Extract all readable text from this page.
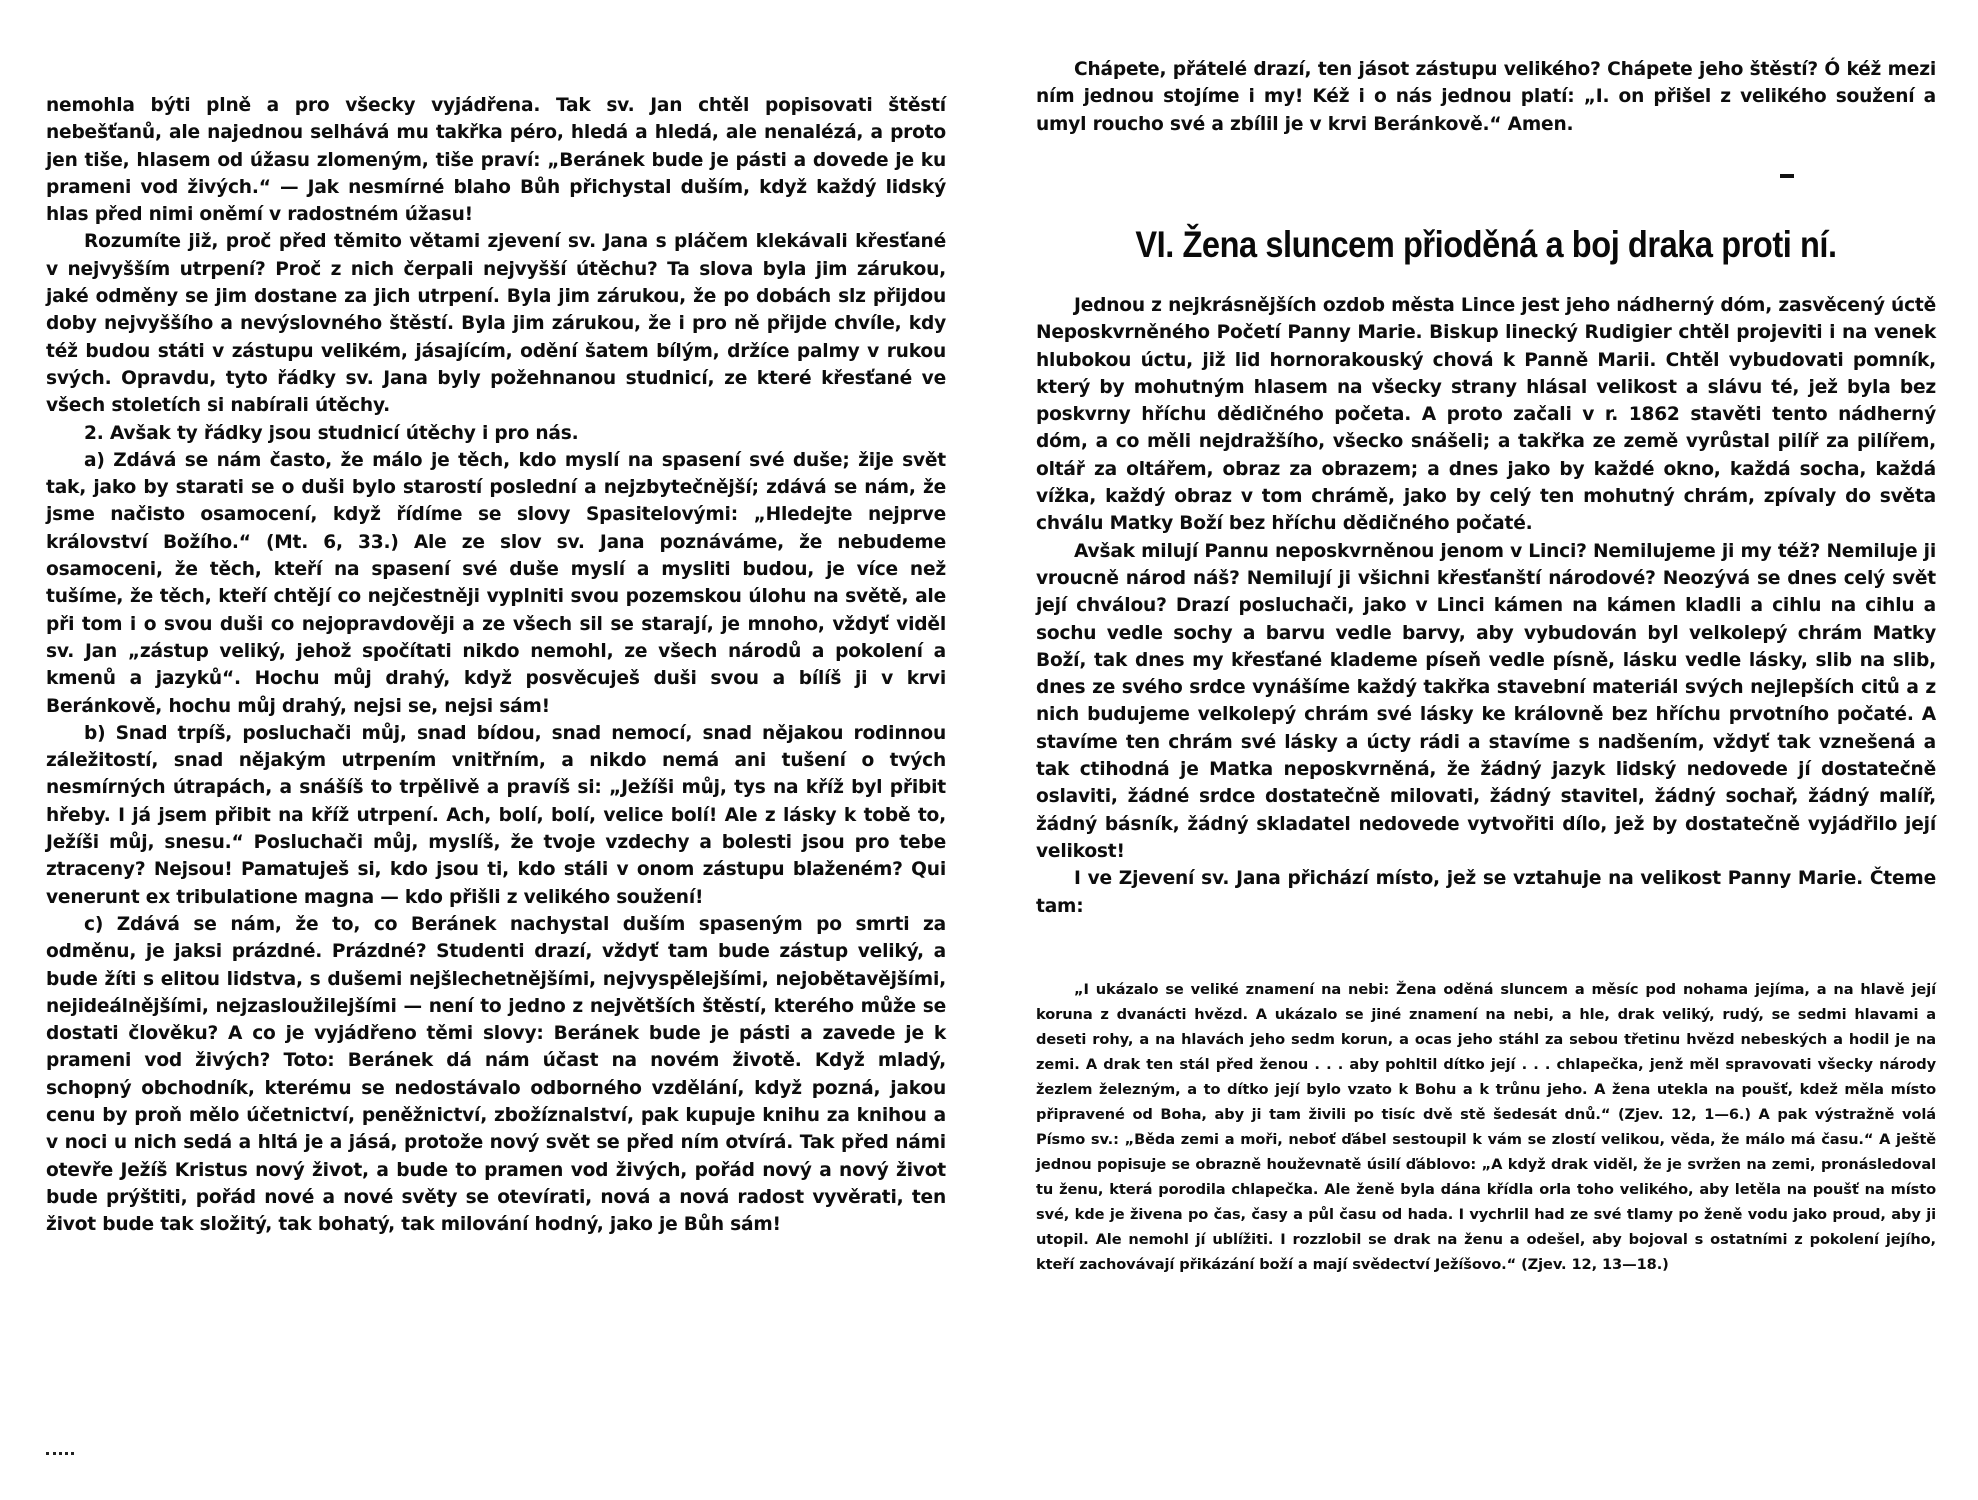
nemohla býti plně a pro všecky vyjádřena. Tak sv. Jan chtěl popisovati štěstí nebešťanů, ale najednou selhává mu takřka péro, hledá a hledá, ale nenalézá, a proto jen tiše, hlasem od úžasu zlomeným, tiše praví: „Beránek bude je pásti a dovede je ku prameni vod živých.“ — Jak nesmírné blaho Bůh přichystal duším, když každý lidský hlas před nimi oněmí v radostném úžasu!

Rozumíte již, proč před těmito větami zjevení sv. Jana s pláčem klekávali křesťané v nejvyšším utrpení? Proč z nich čerpali nejvyšší útěchu? Ta slova byla jim zárukou, jaké odměny se jim dostane za jich utrpení. Byla jim zárukou, že po dobách slz přijdou doby nejvyššího a nevýslovného štěstí. Byla jim zárukou, že i pro ně přijde chvíle, kdy též budou státi v zástupu velikém, jásajícím, odění šatem bílým, držíce palmy v rukou svých. Opravdu, tyto řádky sv. Jana byly požehnanou studnicí, ze které křesťané ve všech stoletích si nabírali útěchy.

2. Avšak ty řádky jsou studnicí útěchy i pro nás.

a) Zdává se nám často, že málo je těch, kdo myslí na spasení své duše; žije svět tak, jako by starati se o duši bylo starostí poslední a nejzbytečnější; zdává se nám, že jsme načisto osamocení, když řídíme se slovy Spasitelovými: „Hledejte nejprve království Božího.“ (Mt. 6, 33.) Ale ze slov sv. Jana poznáváme, že nebudeme osamoceni, že těch, kteří na spasení své duše myslí a mysliti budou, je více než tušíme, že těch, kteří chtějí co nejčestněji vyplniti svou pozemskou úlohu na světě, ale při tom i o svou duši co nejopravdověji a ze všech sil se starají, je mnoho, vždyť viděl sv. Jan „zástup veliký, jehož spočítati nikdo nemohl, ze všech národů a pokolení a kmenů a jazyků“. Hochu můj drahý, když posvěcuješ duši svou a bílíš ji v krvi Beránkově, hochu můj drahý, nejsi se, nejsi sám!

b) Snad trpíš, posluchači můj, snad bídou, snad nemocí, snad nějakou rodinnou záležitostí, snad nějakým utrpením vnitřním, a nikdo nemá ani tušení o tvých nesmírných útrapách, a snášíš to trpělivě a pravíš si: „Ježíši můj, tys na kříž byl přibit hřeby. I já jsem přibit na kříž utrpení. Ach, bolí, bolí, velice bolí! Ale z lásky k tobě to, Ježíši můj, snesu.“ Posluchači můj, myslíš, že tvoje vzdechy a bolesti jsou pro tebe ztraceny? Nejsou! Pamatuješ si, kdo jsou ti, kdo stáli v onom zástupu blaženém? Qui venerunt ex tribulatione magna — kdo přišli z velikého soužení!

c) Zdává se nám, že to, co Beránek nachystal duším spaseným po smrti za odměnu, je jaksi prázdné. Prázdné? Studenti drazí, vždyť tam bude zástup veliký, a bude žíti s elitou lidstva, s dušemi nejšlechetnějšími, nejvyspělejšími, nejobětavějšími, nejideálnějšími, nejzasloužilejšími — není to jedno z největších štěstí, kterého může se dostati člověku? A co je vyjádřeno těmi slovy: Beránek bude je pásti a zavede je k prameni vod živých? Toto: Beránek dá nám účast na novém životě. Když mladý, schopný obchodník, kterému se nedostávalo odborného vzdělání, když pozná, jakou cenu by proň mělo účetnictví, peněžnictví, zbožíznalství, pak kupuje knihu za knihou a v noci u nich sedá a hltá je a jásá, protože nový svět se před ním otvírá. Tak před námi otevře Ježíš Kristus nový život, a bude to pramen vod živých, pořád nový a nový život bude prýštiti, pořád nové a nové světy se otevírati, nová a nová radost vyvěrati, ten život bude tak složitý, tak bohatý, tak milování hodný, jako je Bůh sám!

Chápete, přátelé drazí, ten jásot zástupu velikého? Chápete jeho štěstí? Ó kéž mezi ním jednou stojíme i my! Kéž i o nás jednou platí: „I. on přišel z velikého soužení a umyl roucho své a zbílil je v krvi Beránkově.“ Amen.

VI. Žena sluncem přioděná a boj draka proti ní.

Jednou z nejkrásnějších ozdob města Lince jest jeho nádherný dóm, zasvěcený úctě Neposkvrněného Početí Panny Marie. Biskup linecký Rudigier chtěl projeviti i na venek hlubokou úctu, již lid hornorakouský chová k Panně Marii. Chtěl vybudovati pomník, který by mohutným hlasem na všecky strany hlásal velikost a slávu té, jež byla bez poskvrny hříchu dědičného početa. A proto začali v r. 1862 stavěti tento nádherný dóm, a co měli nejdražšího, všecko snášeli; a takřka ze země vyrůstal pilíř za pilířem, oltář za oltářem, obraz za obrazem; a dnes jako by každé okno, každá socha, každá vížka, každý obraz v tom chrámě, jako by celý ten mohutný chrám, zpívaly do světa chválu Matky Boží bez hříchu dědičného počaté.

Avšak milují Pannu neposkvrněnou jenom v Linci? Nemilujeme ji my též? Nemiluje ji vroucně národ náš? Nemilují ji všichni křesťanští národové? Neozývá se dnes celý svět její chválou? Drazí posluchači, jako v Linci kámen na kámen kladli a cihlu na cihlu a sochu vedle sochy a barvu vedle barvy, aby vybudován byl velkolepý chrám Matky Boží, tak dnes my křesťané klademe píseň vedle písně, lásku vedle lásky, slib na slib, dnes ze svého srdce vynášíme každý takřka stavební materiál svých nejlepších citů a z nich budujeme velkolepý chrám své lásky ke královně bez hříchu prvotního počaté. A stavíme ten chrám své lásky a úcty rádi a stavíme s nadšením, vždyť tak vznešená a tak ctihodná je Matka neposkvrněná, že žádný jazyk lidský nedovede jí dostatečně oslaviti, žádné srdce dostatečně milovati, žádný stavitel, žádný sochař, žádný malíř, žádný básník, žádný skladatel nedovede vytvořiti dílo, jež by dostatečně vyjádřilo její velikost!

I ve Zjevení sv. Jana přichází místo, jež se vztahuje na velikost Panny Marie. Čteme tam:

„I ukázalo se veliké znamení na nebi: Žena oděná sluncem a měsíc pod nohama jejíma, a na hlavě její koruna z dvanácti hvězd. A ukázalo se jiné znamení na nebi, a hle, drak veliký, rudý, se sedmi hlavami a deseti rohy, a na hlavách jeho sedm korun, a ocas jeho stáhl za sebou třetinu hvězd nebeských a hodil je na zemi. A drak ten stál před ženou . . . aby pohltil dítko její . . . chlapečka, jenž měl spravovati všecky národy žezlem železným, a to dítko její bylo vzato k Bohu a k trůnu jeho. A žena utekla na poušť, kdež měla místo připravené od Boha, aby ji tam živili po tisíc dvě stě šedesát dnů.“ (Zjev. 12, 1—6.) A pak výstražně volá Písmo sv.: „Běda zemi a moři, neboť ďábel sestoupil k vám se zlostí velikou, věda, že málo má času.“ A ještě jednou popisuje se obrazně houževnatě úsilí ďáblovo: „A když drak viděl, že je svržen na zemi, pronásledoval tu ženu, která porodila chlapečka. Ale ženě byla dána křídla orla toho velikého, aby letěla na poušť na místo své, kde je živena po čas, časy a půl času od hada. I vychrlil had ze své tlamy po ženě vodu jako proud, aby ji utopil. Ale nemohl jí ublížiti. I rozzlobil se drak na ženu a odešel, aby bojoval s ostatními z pokolení jejího, kteří zachovávají přikázání boží a mají svědectví Ježíšovo.“ (Zjev. 12, 13—18.)
